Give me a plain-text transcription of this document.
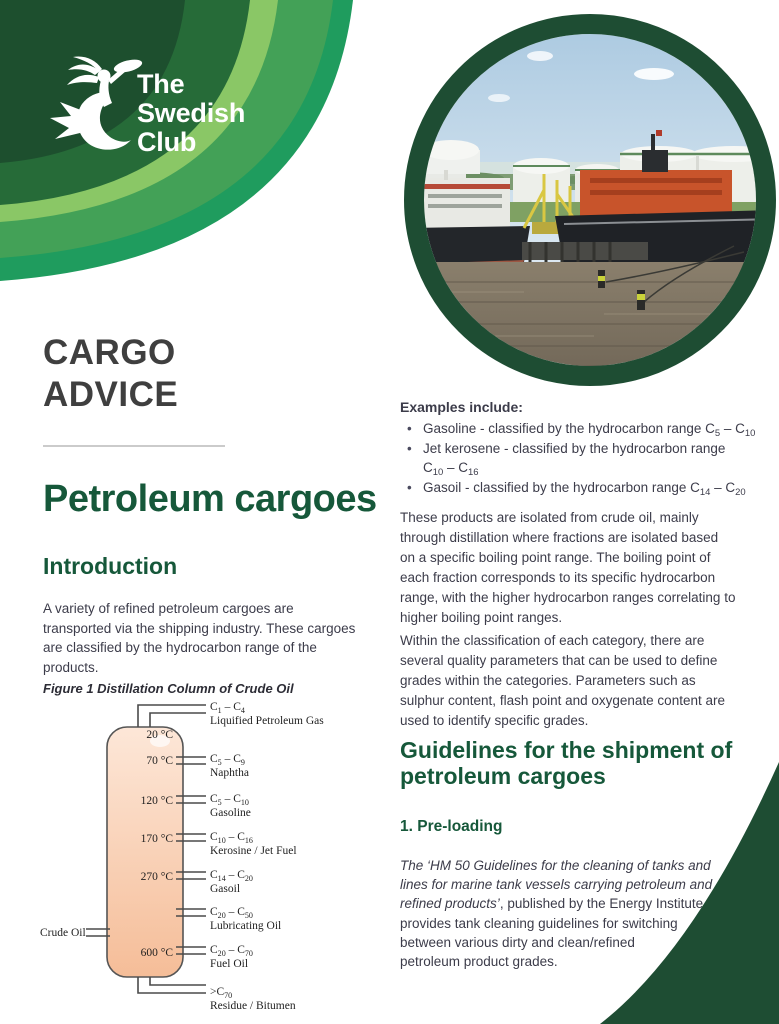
The
Swedish
Club
CARGO
ADVICE
Petroleum cargoes
Introduction
A variety of refined petroleum cargoes are
transported via the shipping industry. These cargoes
are classified by the hydrocarbon range of the
products.
Figure 1 Distillation Column of Crude Oil
20 °C
70 °C
120 °C
170 °C
270 °C
600 °C
Crude Oil
$C_1 - C_4$
Liquified Petroleum Gas
$C_5 - C_9$
Naphtha
$C_5 - C_{10}$
Gasoline
$C_{10} - C_{16}$
Kerosine / Jet Fuel
$C_{14} - C_{20}$
Gasoil
$C_{20} - C_{50}$
Lubricating Oil
$C_{20} - C_{70}$
Fuel Oil
$>C_{70}$
Residue / Bitumen
Examples include:
• Gasoline - classified by the hydrocarbon range $C_5 - C_{10}$
• Jet kerosene - classified by the hydrocarbon range
$C_{10} - C_{16}$
• Gasoil - classified by the hydrocarbon range $C_{14} - C_{20}$
These products are isolated from crude oil, mainly
through distillation where fractions are isolated based
on a specific boiling point range. The boiling point of
each fraction corresponds to its specific hydrocarbon
range, with the higher hydrocarbon ranges correlating to
higher boiling point ranges.
Within the classification of each category, there are
several quality parameters that can be used to define
grades within the categories. Parameters such as
sulphur content, flash point and oxygenate content are
used to identify specific grades.
Guidelines for the shipment of
petroleum cargoes
1. Pre-loading
The ‘HM 50 Guidelines for the cleaning of tanks and
lines for marine tank vessels carrying petroleum and
refined products’, published by the Energy Institute
provides tank cleaning guidelines for switching
between various dirty and clean/refined
petroleum product grades.
